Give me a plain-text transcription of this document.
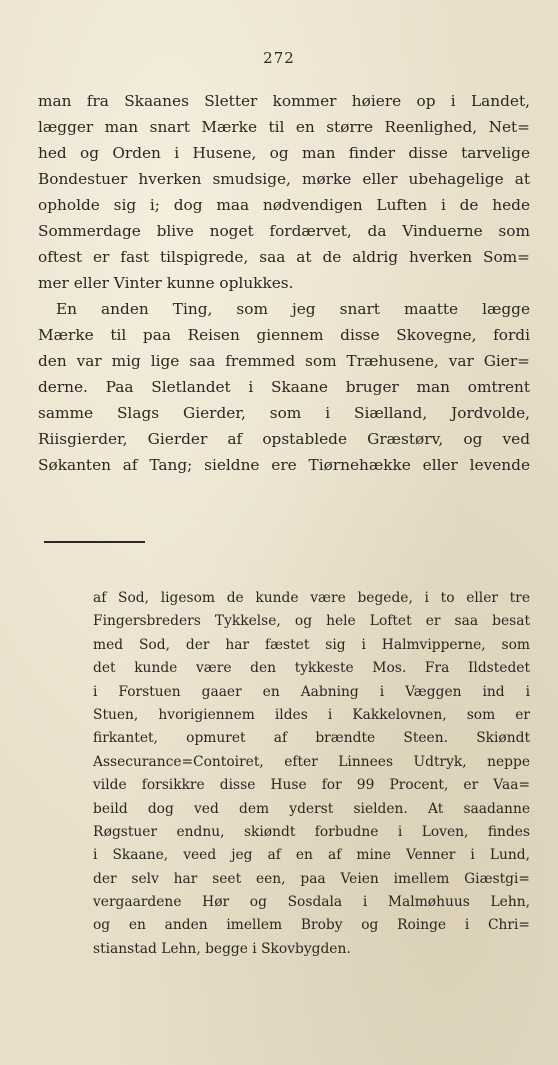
272
man fra Skaanes Sletter kommer høiere op i Landet,
lægger man snart Mærke til en større Reenlighed, Net=
hed og Orden i Husene, og man finder disse tarvelige
Bondestuer hverken smudsige, mørke eller ubehagelige at
opholde sig i; dog maa nødvendigen Luften i de hede
Sommerdage blive noget fordærvet, da Vinduerne som
oftest er fast tilspigrede, saa at de aldrig hverken Som=
mer eller Vinter kunne oplukkes.
En anden Ting, som jeg snart maatte lægge
Mærke til paa Reisen giennem disse Skovegne, fordi
den var mig lige saa fremmed som Træhusene, var Gier=
derne. Paa Sletlandet i Skaane bruger man omtrent
samme Slags Gierder, som i Siælland, Jordvolde,
Riisgierder, Gierder af opstablede Græstørv, og ved
Søkanten af Tang; sieldne ere Tiørnehække eller levende
af Sod, ligesom de kunde være begede, i to eller tre
Fingersbreders Tykkelse, og hele Loftet er saa besat
med Sod, der har fæstet sig i Halmvipperne, som
det kunde være den tykkeste Mos. Fra Ildstedet
i Forstuen gaaer en Aabning i Væggen ind i
Stuen, hvorigiennem ildes i Kakkelovnen, som er
firkantet, opmuret af brændte Steen. Skiøndt
Assecurance=Contoiret, efter Linnees Udtryk, neppe
vilde forsikkre disse Huse for 99 Procent, er Vaa=
beild dog ved dem yderst sielden. At saadanne
Røgstuer endnu, skiøndt forbudne i Loven, findes
i Skaane, veed jeg af en af mine Venner i Lund,
der selv har seet een, paa Veien imellem Giæstgi=
vergaardene Hør og Sosdala i Malmøhuus Lehn,
og en anden imellem Broby og Roinge i Chri=
stianstad Lehn, begge i Skovbygden.
